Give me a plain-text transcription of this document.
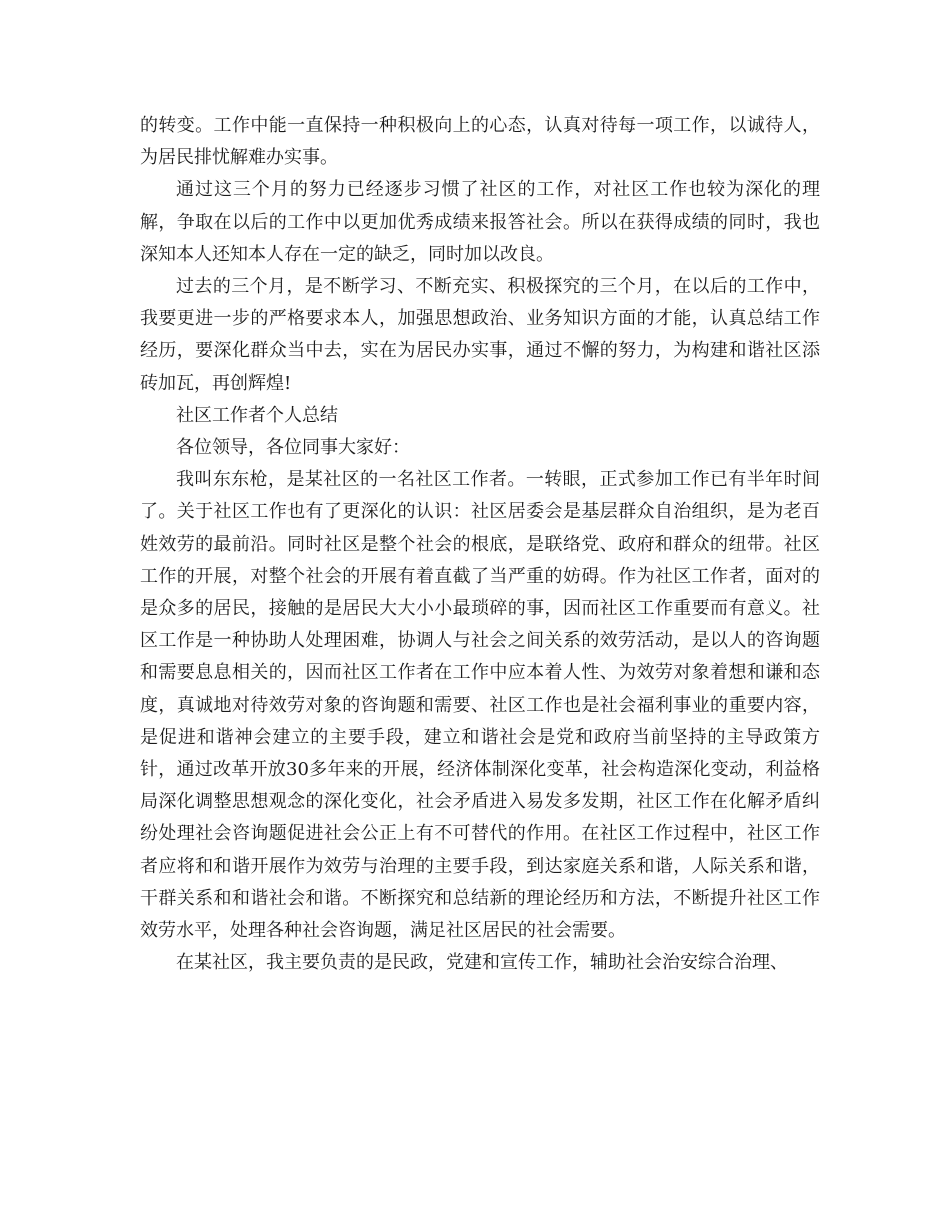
的转变。工作中能一直保持一种积极向上的心态，认真对待每一项工作，以诚待人，为居民排忧解难办实事。

通过这三个月的努力已经逐步习惯了社区的工作，对社区工作也较为深化的理解，争取在以后的工作中以更加优秀成绩来报答社会。所以在获得成绩的同时，我也深知本人还知本人存在一定的缺乏，同时加以改良。

过去的三个月，是不断学习、不断充实、积极探究的三个月，在以后的工作中，我要更进一步的严格要求本人，加强思想政治、业务知识方面的才能，认真总结工作经历，要深化群众当中去，实在为居民办实事，通过不懈的努力，为构建和谐社区添砖加瓦，再创辉煌!

社区工作者个人总结

各位领导，各位同事大家好：

我叫东东枪，是某社区的一名社区工作者。一转眼，正式参加工作已有半年时间了。关于社区工作也有了更深化的认识：社区居委会是基层群众自治组织，是为老百姓效劳的最前沿。同时社区是整个社会的根底，是联络党、政府和群众的纽带。社区工作的开展，对整个社会的开展有着直截了当严重的妨碍。作为社区工作者，面对的是众多的居民，接触的是居民大大小小最琐碎的事，因而社区工作重要而有意义。社区工作是一种协助人处理困难，协调人与社会之间关系的效劳活动，是以人的咨询题和需要息息相关的，因而社区工作者在工作中应本着人性、为效劳对象着想和谦和态度，真诚地对待效劳对象的咨询题和需要、社区工作也是社会福利事业的重要内容，是促进和谐神会建立的主要手段，建立和谐社会是党和政府当前坚持的主导政策方针，通过改革开放30多年来的开展，经济体制深化变革，社会构造深化变动，利益格局深化调整思想观念的深化变化，社会矛盾进入易发多发期，社区工作在化解矛盾纠纷处理社会咨询题促进社会公正上有不可替代的作用。在社区工作过程中，社区工作者应将和和谐开展作为效劳与治理的主要手段，到达家庭关系和谐，人际关系和谐，干群关系和和谐社会和谐。不断探究和总结新的理论经历和方法，不断提升社区工作效劳水平，处理各种社会咨询题，满足社区居民的社会需要。

在某社区，我主要负责的是民政，党建和宣传工作，辅助社会治安综合治理、
